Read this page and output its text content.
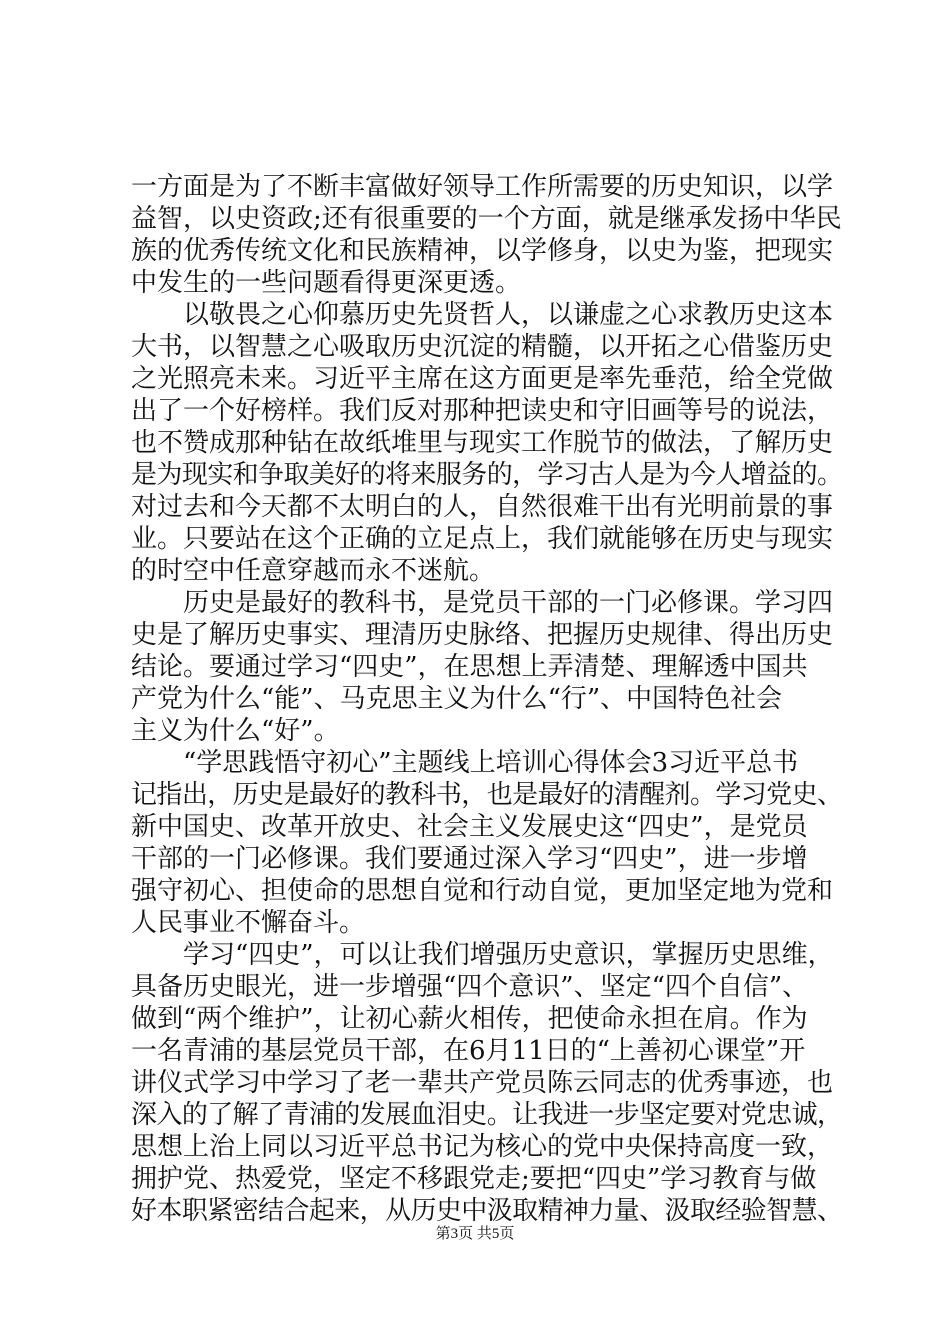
一方面是为了不断丰富做好领导工作所需要的历史知识，以学
益智，以史资政;还有很重要的一个方面，就是继承发扬中华民
族的优秀传统文化和民族精神，以学修身，以史为鉴，把现实
中发生的一些问题看得更深更透。
　　以敬畏之心仰慕历史先贤哲人，以谦虚之心求教历史这本
大书，以智慧之心吸取历史沉淀的精髓，以开拓之心借鉴历史
之光照亮未来。习近平主席在这方面更是率先垂范，给全党做
出了一个好榜样。我们反对那种把读史和守旧画等号的说法，
也不赞成那种钻在故纸堆里与现实工作脱节的做法，了解历史
是为现实和争取美好的将来服务的，学习古人是为今人增益的。
对过去和今天都不太明白的人，自然很难干出有光明前景的事
业。只要站在这个正确的立足点上，我们就能够在历史与现实
的时空中任意穿越而永不迷航。
　　历史是最好的教科书，是党员干部的一门必修课。学习四
史是了解历史事实、理清历史脉络、把握历史规律、得出历史
结论。要通过学习“四史”，在思想上弄清楚、理解透中国共
产党为什么“能”、马克思主义为什么“行”、中国特色社会
主义为什么“好”。
　　“学思践悟守初心”主题线上培训心得体会3习近平总书
记指出，历史是最好的教科书，也是最好的清醒剂。学习党史、
新中国史、改革开放史、社会主义发展史这“四史”，是党员
干部的一门必修课。我们要通过深入学习“四史”，进一步增
强守初心、担使命的思想自觉和行动自觉，更加坚定地为党和
人民事业不懈奋斗。
　　学习“四史”，可以让我们增强历史意识，掌握历史思维，
具备历史眼光，进一步增强“四个意识”、坚定“四个自信”、
做到“两个维护”，让初心薪火相传，把使命永担在肩。作为
一名青浦的基层党员干部，在6月11日的“上善初心课堂”开
讲仪式学习中学习了老一辈共产党员陈云同志的优秀事迹，也
深入的了解了青浦的发展血泪史。让我进一步坚定要对党忠诚，
思想上治上同以习近平总书记为核心的党中央保持高度一致，
拥护党、热爱党，坚定不移跟党走;要把“四史”学习教育与做
好本职紧密结合起来，从历史中汲取精神力量、汲取经验智慧、
第3页 共5页
